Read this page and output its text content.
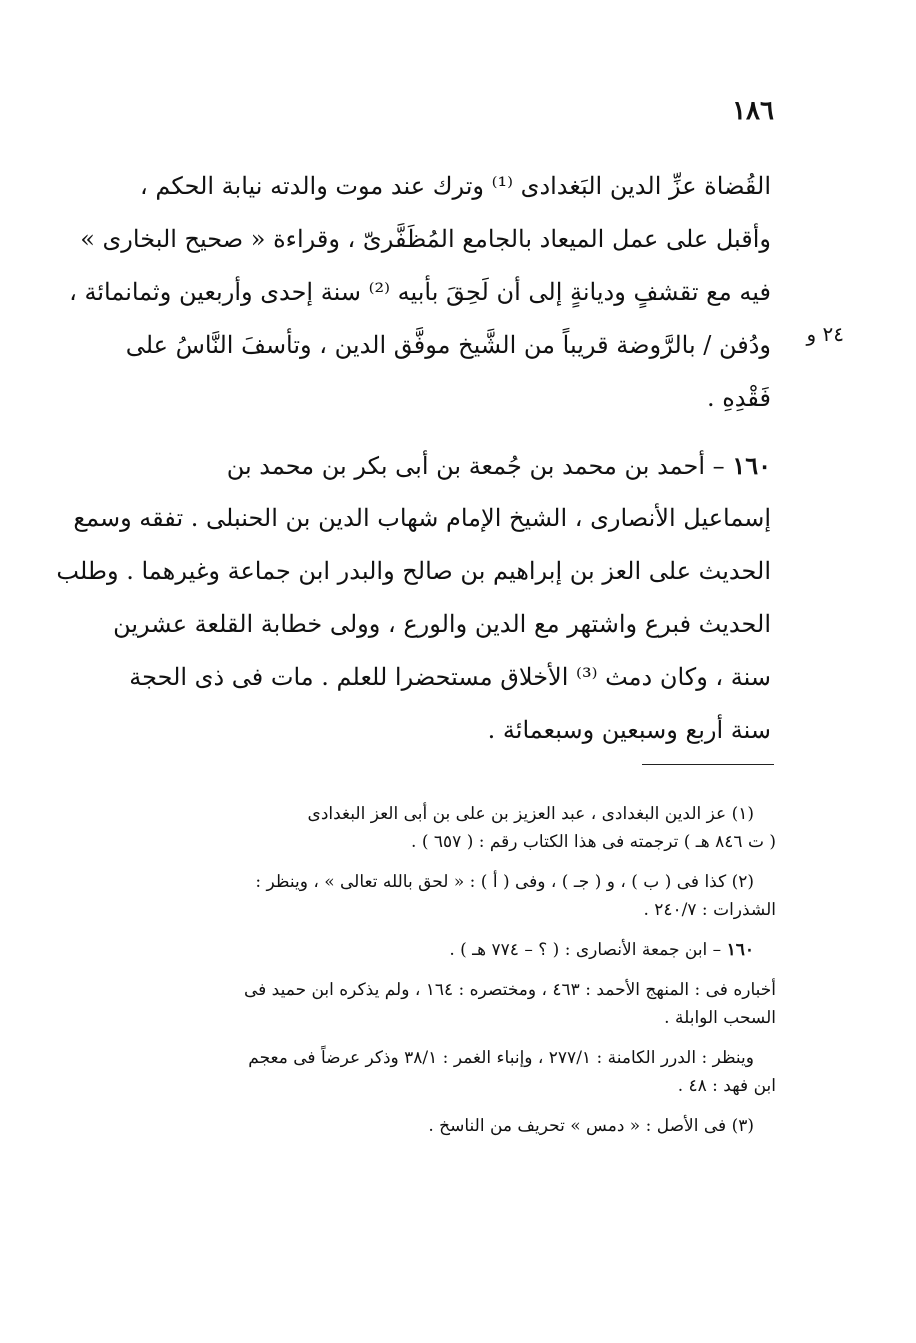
١٨٦
٢٤ و
القُضاة عزِّ الدين البَغدادى ⁽¹⁾ وترك عند موت والدته نيابة الحكم ،
وأقبل على عمل الميعاد بالجامع المُظَفَّرىّ ، وقراءة « صحيح البخارى »
فيه مع تقشفٍ وديانةٍ إلى أن لَحِقَ بأبيه ⁽²⁾ سنة إحدى وأربعين وثمانمائة ،
ودُفن / بالرَّوضة قريباً من الشَّيخ موفَّق الدين ، وتأسفَ النَّاسُ على
فَقْدِهِ .
١٦٠ – أحمد بن محمد بن جُمعة بن أبى بكر بن محمد بن
إسماعيل الأنصارى ، الشيخ الإمام شهاب الدين بن الحنبلى . تفقه وسمع
الحديث على العز بن إبراهيم بن صالح والبدر ابن جماعة وغيرهما . وطلب
الحديث فبرع واشتهر مع الدين والورع ، وولى خطابة القلعة عشرين
سنة ، وكان دمث ⁽³⁾ الأخلاق مستحضرا للعلم . مات فى ذى الحجة
سنة أربع وسبعين وسبعمائة .
(١) عز الدين البغدادى ، عبد العزيز بن على بن أبى العز البغدادى
( ت ٨٤٦ هـ ) ترجمته فى هذا الكتاب رقم : ( ٦٥٧ ) .
(٢) كذا فى ( ب ) ، و ( جـ ) ، وفى ( أ ) : « لحق بالله تعالى » ، وينظر :
الشذرات : ٢٤٠/٧ .
١٦٠ – ابن جمعة الأنصارى : ( ؟ – ٧٧٤ هـ ) .
أخباره فى : المنهج الأحمد : ٤٦٣ ، ومختصره : ١٦٤ ، ولم يذكره ابن حميد فى
السحب الوابلة .
وينظر : الدرر الكامنة : ٢٧٧/١ ، وإنباء الغمر : ٣٨/١ وذكر عرضاً فى معجم
ابن فهد : ٤٨ .
(٣) فى الأصل : « دمس » تحريف من الناسخ .
